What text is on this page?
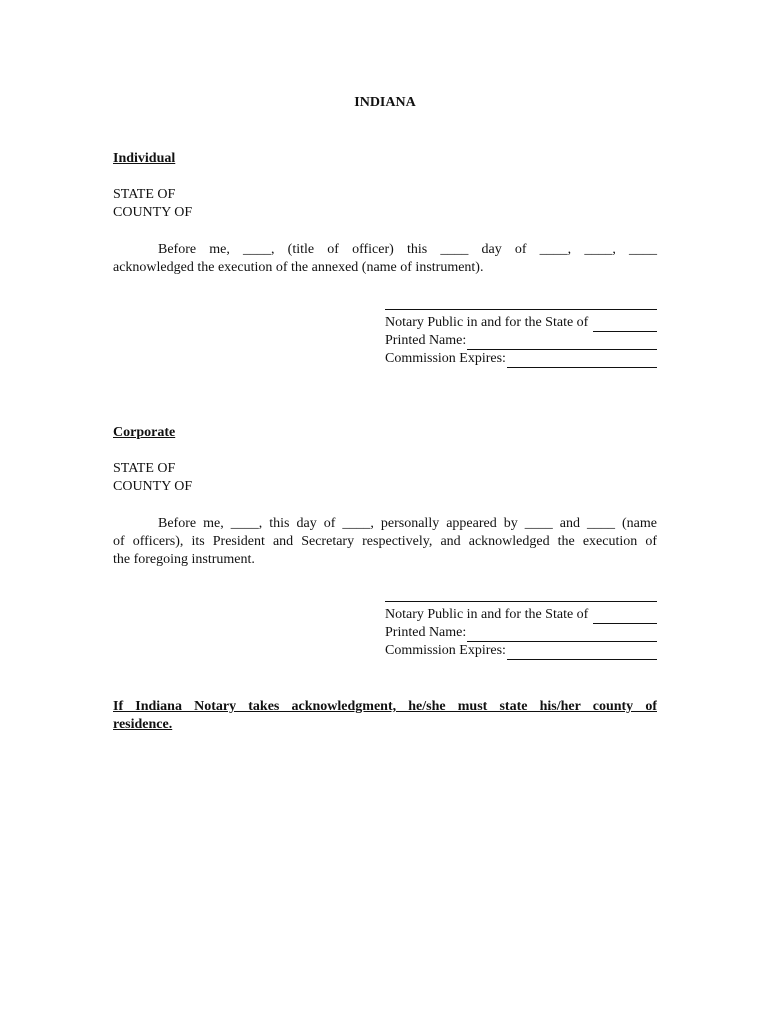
INDIANA
Individual
STATE OF
COUNTY OF
Before me, ____, (title of officer) this ____ day of ____, ____, ____
acknowledged the execution of the annexed (name of instrument).
Notary Public in and for the State of
Printed Name:
Commission Expires:
Corporate
STATE OF
COUNTY OF
Before me, ____, this day of ____, personally appeared by ____ and ____ (name
of officers), its President and Secretary respectively, and acknowledged the execution of
the foregoing instrument.
Notary Public in and for the State of
Printed Name:
Commission Expires:
If Indiana Notary takes acknowledgment, he/she must state his/her county of
residence.
